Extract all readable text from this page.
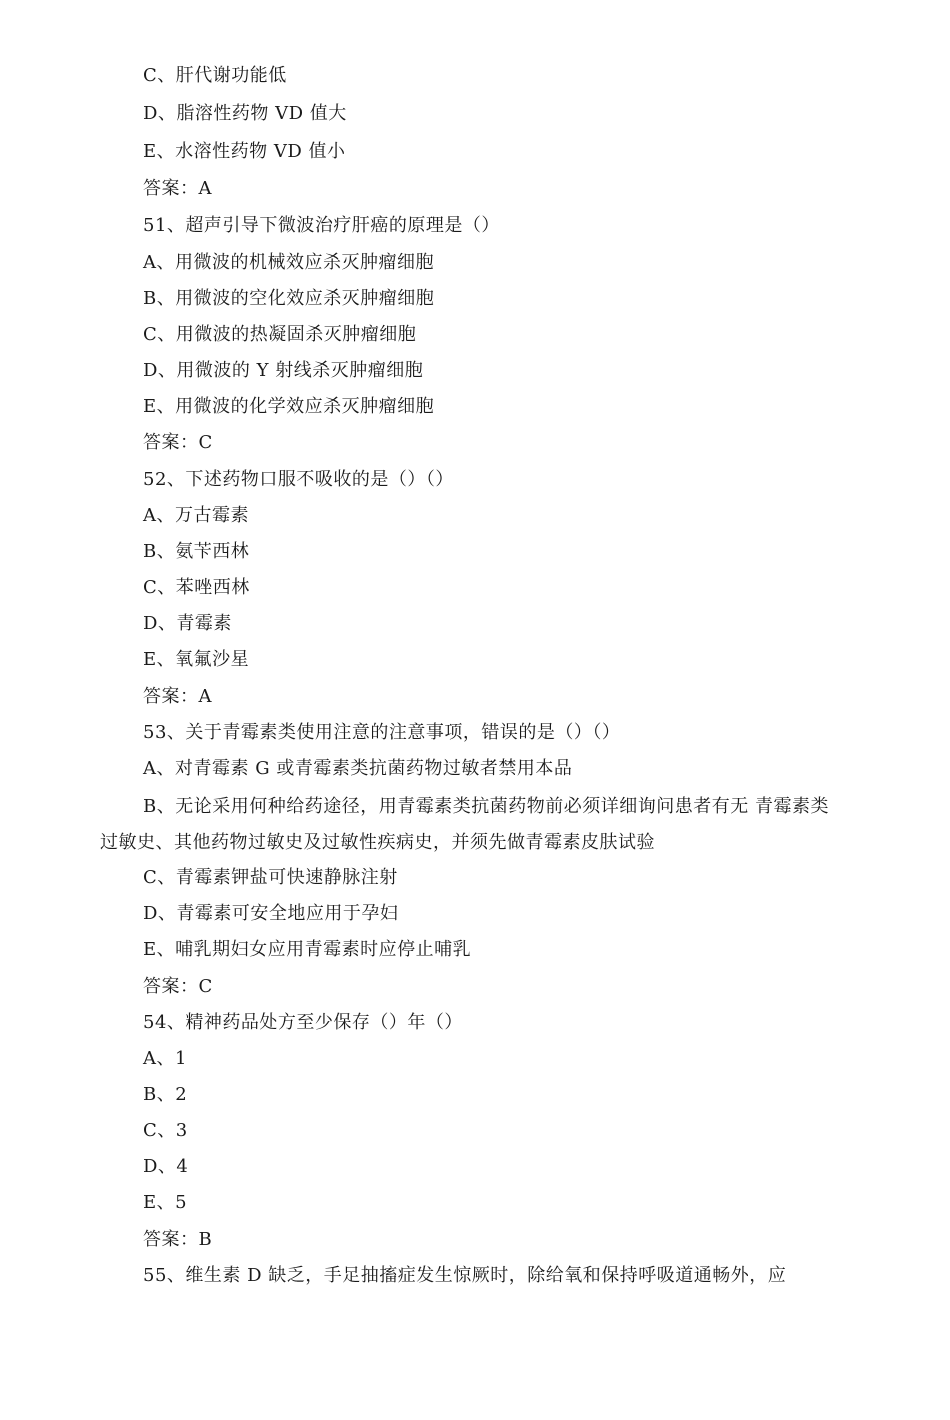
C、肝代谢功能低
D、脂溶性药物 VD 值大
E、水溶性药物 VD 值小
答案：A
51、超声引导下微波治疗肝癌的原理是（）
A、用微波的机械效应杀灭肿瘤细胞
B、用微波的空化效应杀灭肿瘤细胞
C、用微波的热凝固杀灭肿瘤细胞
D、用微波的 Y 射线杀灭肿瘤细胞
E、用微波的化学效应杀灭肿瘤细胞
答案：C
52、下述药物口服不吸收的是（）（）
A、万古霉素
B、氨苄西林
C、苯唑西林
D、青霉素
E、氧氟沙星
答案：A
53、关于青霉素类使用注意的注意事项，错误的是（）（）
A、对青霉素 G 或青霉素类抗菌药物过敏者禁用本品
B、无论采用何种给药途径，用青霉素类抗菌药物前必须详细询问患者有无 青霉素类过敏史、其他药物过敏史及过敏性疾病史，并须先做青霉素皮肤试验
C、青霉素钾盐可快速静脉注射
D、青霉素可安全地应用于孕妇
E、哺乳期妇女应用青霉素时应停止哺乳
答案：C
54、精神药品处方至少保存（）年（）
A、1
B、2
C、3
D、4
E、5
答案：B
55、维生素 D 缺乏，手足抽搐症发生惊厥时，除给氧和保持呼吸道通畅外，应
